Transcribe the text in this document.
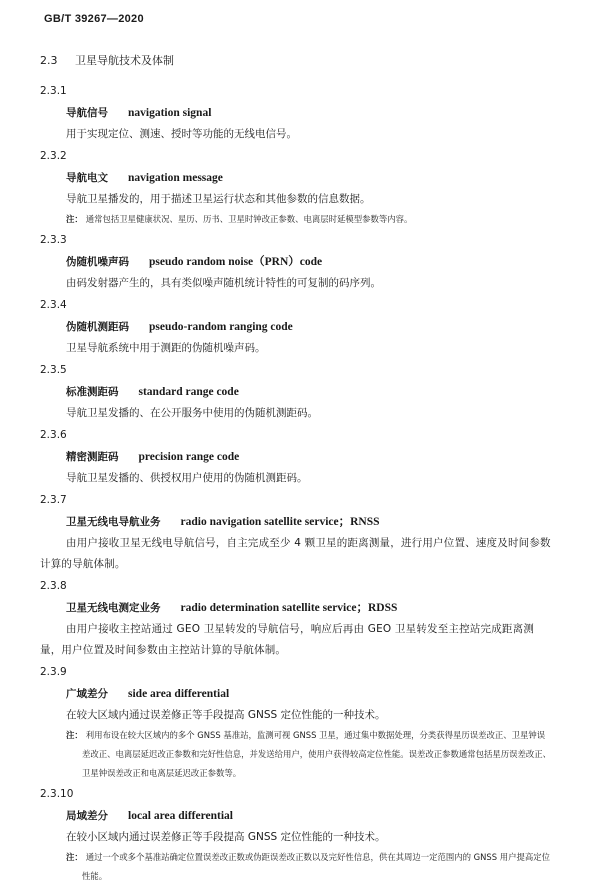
GB/T 39267—2020
2.3 卫星导航技术及体制
2.3.1
导航信号 navigation signal
用于实现定位、测速、授时等功能的无线电信号。
2.3.2
导航电文 navigation message
导航卫星播发的，用于描述卫星运行状态和其他参数的信息数据。
注： 通常包括卫星健康状况、星历、历书、卫星时钟改正参数、电离层时延模型参数等内容。
2.3.3
伪随机噪声码 pseudo random noise（PRN）code
由码发射器产生的，具有类似噪声随机统计特性的可复制的码序列。
2.3.4
伪随机测距码 pseudo-random ranging code
卫星导航系统中用于测距的伪随机噪声码。
2.3.5
标准测距码 standard range code
导航卫星发播的、在公开服务中使用的伪随机测距码。
2.3.6
精密测距码 precision range code
导航卫星发播的、供授权用户使用的伪随机测距码。
2.3.7
卫星无线电导航业务 radio navigation satellite service；RNSS
由用户接收卫星无线电导航信号，自主完成至少 4 颗卫星的距离测量，进行用户位置、速度及时间参数计算的导航体制。
2.3.8
卫星无线电测定业务 radio determination satellite service；RDSS
由用户接收主控站通过 GEO 卫星转发的导航信号，响应后再由 GEO 卫星转发至主控站完成距离测量，用户位置及时间参数由主控站计算的导航体制。
2.3.9
广域差分 side area differential
在较大区域内通过误差修正等手段提高 GNSS 定位性能的一种技术。
注： 利用布设在较大区域内的多个 GNSS 基准站，监测可视 GNSS 卫星，通过集中数据处理，分类获得星历误差改正、卫星钟误差改正、电离层延迟改正参数和完好性信息，并发送给用户，使用户获得较高定位性能。误差改正参数通常包括星历误差改正、卫星钟误差改正和电离层延迟改正参数等。
2.3.10
局域差分 local area differential
在较小区域内通过误差修正等手段提高 GNSS 定位性能的一种技术。
注： 通过一个或多个基准站确定位置误差改正数或伪距误差改正数以及完好性信息，供在其周边一定范围内的 GNSS 用户提高定位性能。
